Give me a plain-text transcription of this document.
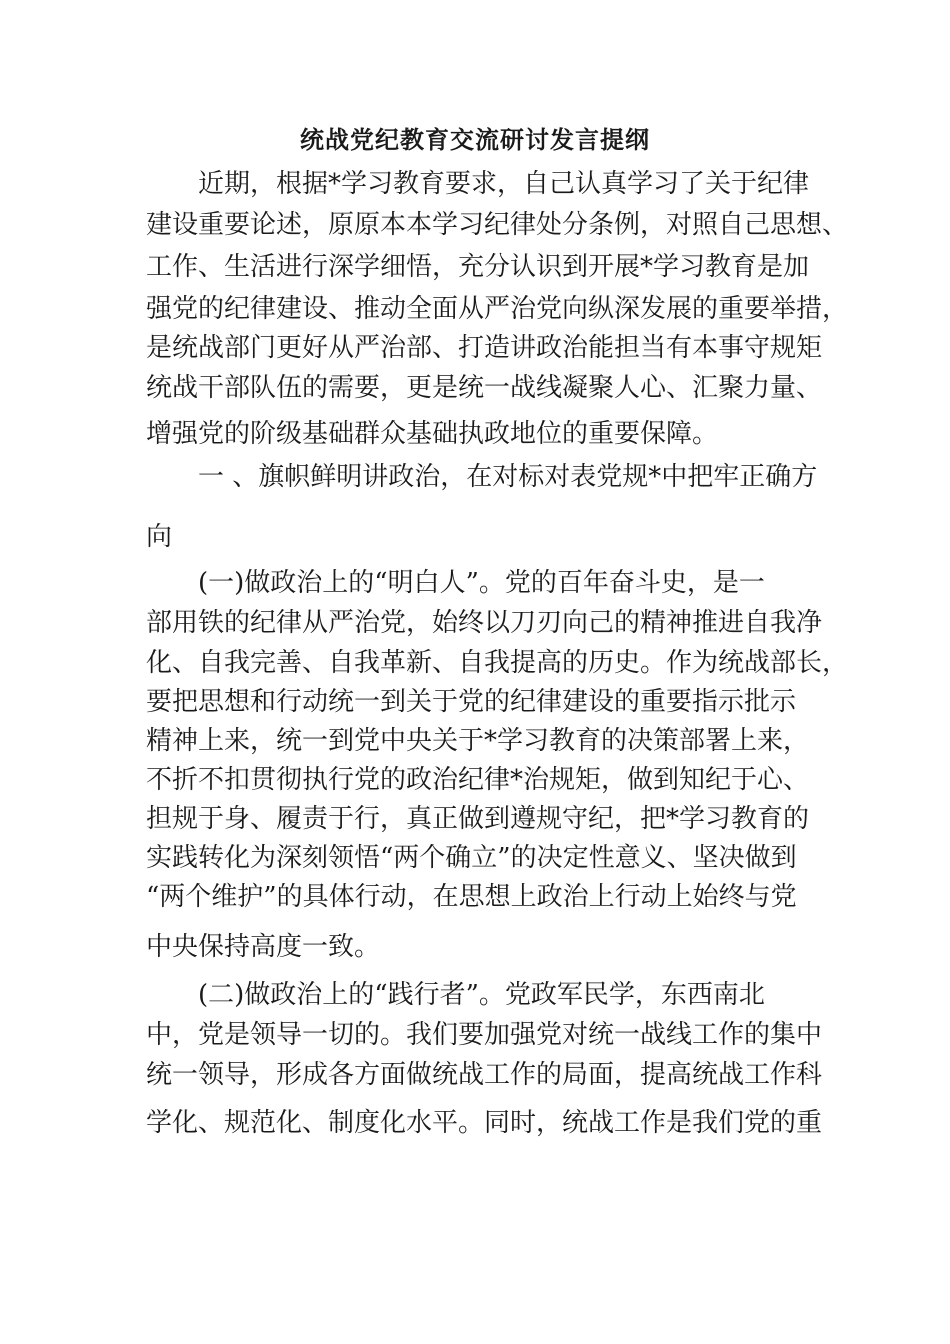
统战党纪教育交流研讨发言提纲
　　近期，根据*学习教育要求，自己认真学习了关于纪律
建设重要论述，原原本本学习纪律处分条例，对照自己思想、
工作、生活进行深学细悟，充分认识到开展*学习教育是加
强党的纪律建设、推动全面从严治党向纵深发展的重要举措，
是统战部门更好从严治部、打造讲政治能担当有本事守规矩
统战干部队伍的需要，更是统一战线凝聚人心、汇聚力量、
增强党的阶级基础群众基础执政地位的重要保障。
　　一 、旗帜鲜明讲政治，在对标对表党规*中把牢正确方
向
　　(一)做政治上的“明白人”。党的百年奋斗史，是一
部用铁的纪律从严治党，始终以刀刃向己的精神推进自我净
化、自我完善、自我革新、自我提高的历史。作为统战部长，
要把思想和行动统一到关于党的纪律建设的重要指示批示
精神上来，统一到党中央关于*学习教育的决策部署上来，
不折不扣贯彻执行党的政治纪律*治规矩，做到知纪于心、
担规于身、履责于行，真正做到遵规守纪，把*学习教育的
实践转化为深刻领悟“两个确立”的决定性意义、坚决做到
“两个维护”的具体行动，在思想上政治上行动上始终与党
中央保持高度一致。
　　(二)做政治上的“践行者”。党政军民学，东西南北
中，党是领导一切的。我们要加强党对统一战线工作的集中
统一领导，形成各方面做统战工作的局面，提高统战工作科
学化、规范化、制度化水平。同时，统战工作是我们党的重
